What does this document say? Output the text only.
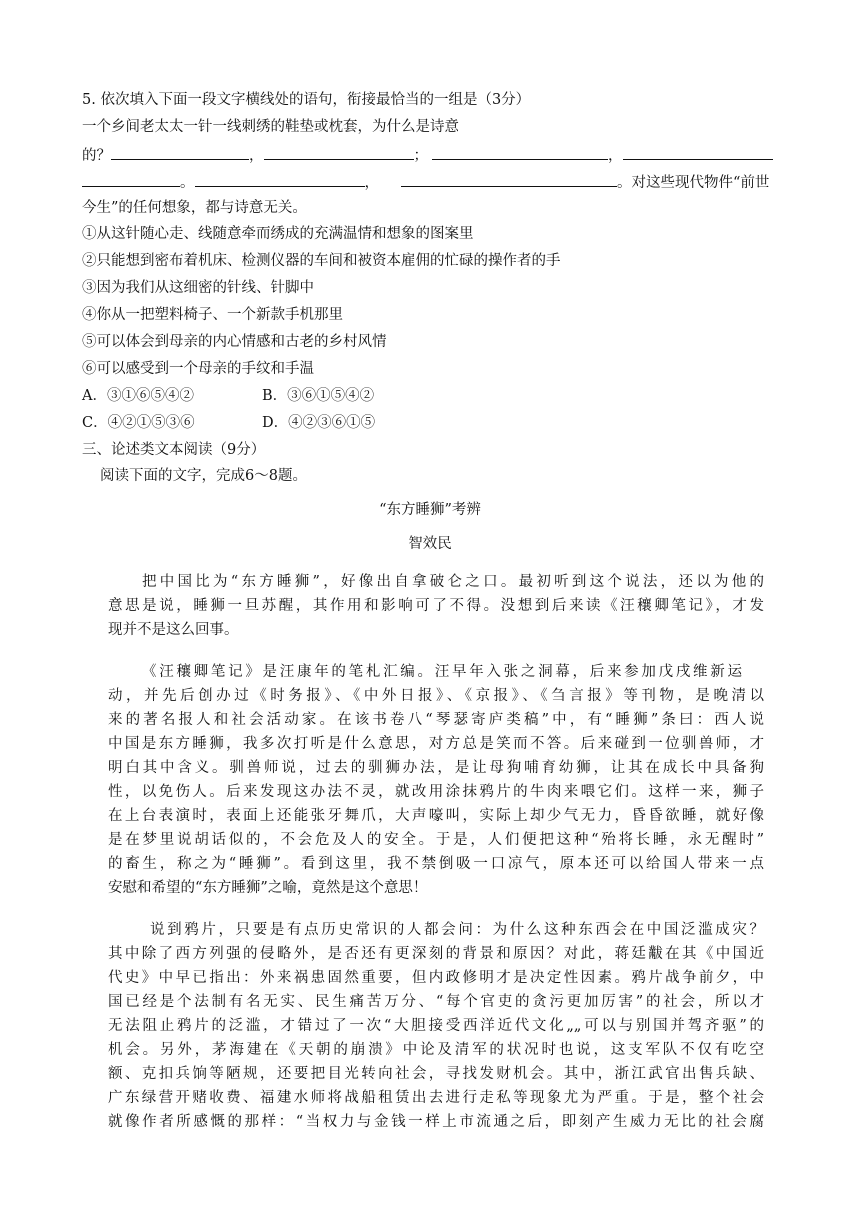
5. 依次填入下面一段文字横线处的语句，衔接最恰当的一组是（3分）
一个乡间老太太一针一线刺绣的鞋垫或枕套，为什么是诗意
的？	，	；	，
。	，	。对这些现代物件“前世
今生”的任何想象，都与诗意无关。
①从这针随心走、线随意牵而绣成的充满温情和想象的图案里
②只能想到密布着机床、检测仪器的车间和被资本雇佣的忙碌的操作者的手
③因为我们从这细密的针线、针脚中
④你从一把塑料椅子、一个新款手机那里
⑤可以体会到母亲的内心情感和古老的乡村风情
⑥可以感受到一个母亲的手纹和手温
A．③①⑥⑤④②	B．③⑥①⑤④②
C．④②①⑤③⑥	D．④②③⑥①⑤
三、论述类文本阅读（9分）
阅读下面的文字，完成6～8题。
“东方睡狮”考辨
智效民
把中国比为“东方睡狮”，好像出自拿破仑之口。最初听到这个说法，还以为他的
意思是说，睡狮一旦苏醒，其作用和影响可了不得。没想到后来读《汪穰卿笔记》，才发
现并不是这么回事。
《汪穰卿笔记》是汪康年的笔札汇编。汪早年入张之洞幕，后来参加戊戌维新运
动，并先后创办过《时务报》、《中外日报》、《京报》、《刍言报》等刊物，是晚清以
来的著名报人和社会活动家。在该书卷八“琴瑟寄庐类稿”中，有“睡狮”条曰：西人说
中国是东方睡狮，我多次打听是什么意思，对方总是笑而不答。后来碰到一位驯兽师，才
明白其中含义。驯兽师说，过去的驯狮办法，是让母狗哺育幼狮，让其在成长中具备狗
性，以免伤人。后来发现这办法不灵，就改用涂抹鸦片的牛肉来喂它们。这样一来，狮子
在上台表演时，表面上还能张牙舞爪，大声嚎叫，实际上却少气无力，昏昏欲睡，就好像
是在梦里说胡话似的，不会危及人的安全。于是，人们便把这种“殆将长睡，永无醒时”
的畜生，称之为“睡狮”。看到这里，我不禁倒吸一口凉气，原本还可以给国人带来一点
安慰和希望的“东方睡狮”之喻，竟然是这个意思！
说到鸦片，只要是有点历史常识的人都会问：为什么这种东西会在中国泛滥成灾？
其中除了西方列强的侵略外，是否还有更深刻的背景和原因？对此，蒋廷黻在其《中国近
代史》中早已指出：外来祸患固然重要，但内政修明才是决定性因素。鸦片战争前夕，中
国已经是个法制有名无实、民生痛苦万分、“每个官吏的贪污更加厉害”的社会，所以才
无法阻止鸦片的泛滥，才错过了一次“大胆接受西洋近代文化„„可以与别国并驾齐驱”的
机会。另外，茅海建在《天朝的崩溃》中论及清军的状况时也说，这支军队不仅有吃空
额、克扣兵饷等陋规，还要把目光转向社会，寻找发财机会。其中，浙江武官出售兵缺、
广东绿营开赌收费、福建水师将战船租赁出去进行走私等现象尤为严重。于是，整个社会
就像作者所感慨的那样：“当权力与金钱一样上市流通之后，即刻产生威力无比的社会腐
